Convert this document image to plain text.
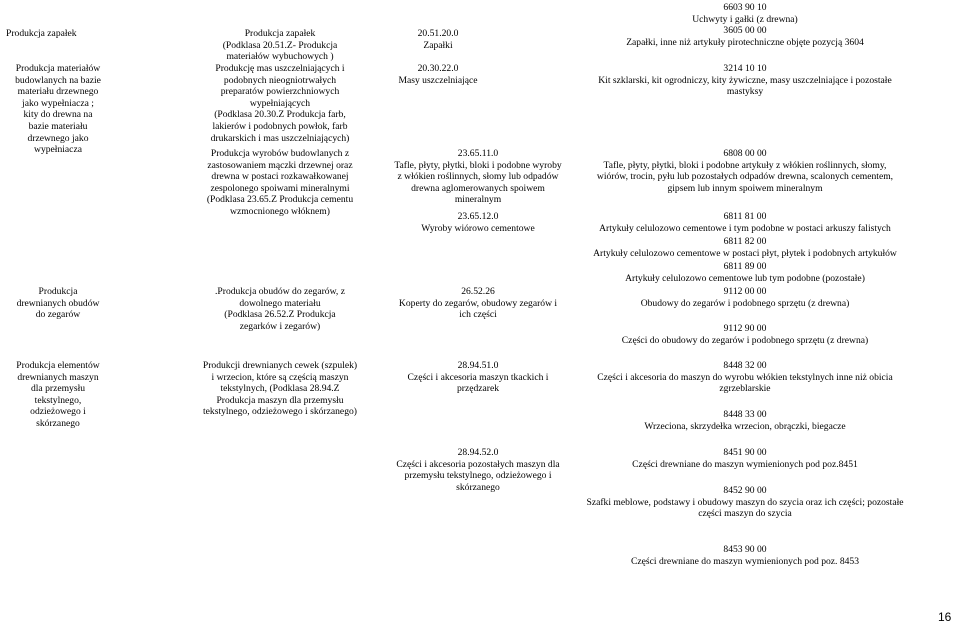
Produkcja zapałek	Produkcja zapałek
(Podklasa 20.51.Z- Produkcja
materiałów wybuchowych )
20.51.20.0
Zapałki
6603 90 10
Uchwyty i gałki (z drewna)
3605 00 00
Zapałki, inne niż artykuły pirotechniczne objęte pozycją 3604
Produkcja materiałów
budowlanych na bazie
materiału drzewnego
jako wypełniacza ;
kity do drewna na
bazie materiału
drzewnego jako
wypełniacza
Produkcję mas uszczelniających i
podobnych nieogniotrwałych
preparatów powierzchniowych
wypełniających
(Podklasa 20.30.Z Produkcja farb,
lakierów i podobnych powłok, farb
drukarskich i mas uszczelniających)
Produkcja wyrobów budowlanych z
zastosowaniem mączki drzewnej oraz
drewna w postaci rozkawałkowanej
zespolonego spoiwami mineralnymi
(Podklasa 23.65.Z Produkcja cementu
wzmocnionego włóknem)
20.30.22.0
Masy uszczelniające
23.65.11.0
Tafle, płyty, płytki, bloki i podobne wyroby
z włókien roślinnych, słomy lub odpadów
drewna aglomerowanych spoiwem
mineralnym
23.65.12.0
Wyroby wiórowo cementowe
3214 10 10
Kit szklarski, kit ogrodniczy, kity żywiczne, masy uszczelniające i pozostałe
mastyksy
6808 00 00
Tafle, płyty, płytki, bloki i podobne artykuły z włókien roślinnych, słomy,
wiórów, trocin, pyłu lub pozostałych odpadów drewna, scalonych cementem,
gipsem lub innym spoiwem mineralnym
6811 81 00
Artykuły celulozowo cementowe i tym podobne w postaci arkuszy falistych
6811 82 00
Artykuły celulozowo cementowe w postaci płyt, płytek i podobnych artykułów
6811 89 00
Artykuły celulozowo cementowe lub tym podobne (pozostałe)
Produkcja
drewnianych obudów
do zegarów
.Produkcja obudów do zegarów, z
dowolnego materiału
(Podklasa 26.52.Z Produkcja
zegarków i zegarów)
26.52.26
Koperty do zegarów, obudowy zegarów i
ich części
9112 00 00
Obudowy do zegarów i podobnego sprzętu (z drewna)
9112 90 00
Części do obudowy do zegarów i podobnego sprzętu (z drewna)
Produkcja elementów
drewnianych maszyn
dla przemysłu
tekstylnego,
odzieżowego i
skórzanego
Produkcji drewnianych cewek (szpulek)
i wrzecion, które są częścią maszyn
tekstylnych, (Podklasa 28.94.Z
Produkcja maszyn dla przemysłu
tekstylnego, odzieżowego i skórzanego)
28.94.51.0
Części i akcesoria maszyn tkackich i
przędzarek
28.94.52.0
Części i akcesoria pozostałych maszyn dla
przemysłu tekstylnego, odzieżowego i
skórzanego
8448 32 00
Części i akcesoria do maszyn do wyrobu włókien tekstylnych inne niż obicia
zgrzeblarskie
8448 33 00
Wrzeciona, skrzydełka wrzecion, obrączki, biegacze
8451 90 00
Części drewniane do maszyn wymienionych pod poz.8451
8452 90 00
Szafki meblowe, podstawy i obudowy maszyn do szycia oraz ich części; pozostałe
części maszyn do szycia
8453 90 00
Części drewniane do maszyn wymienionych pod poz. 8453
16
